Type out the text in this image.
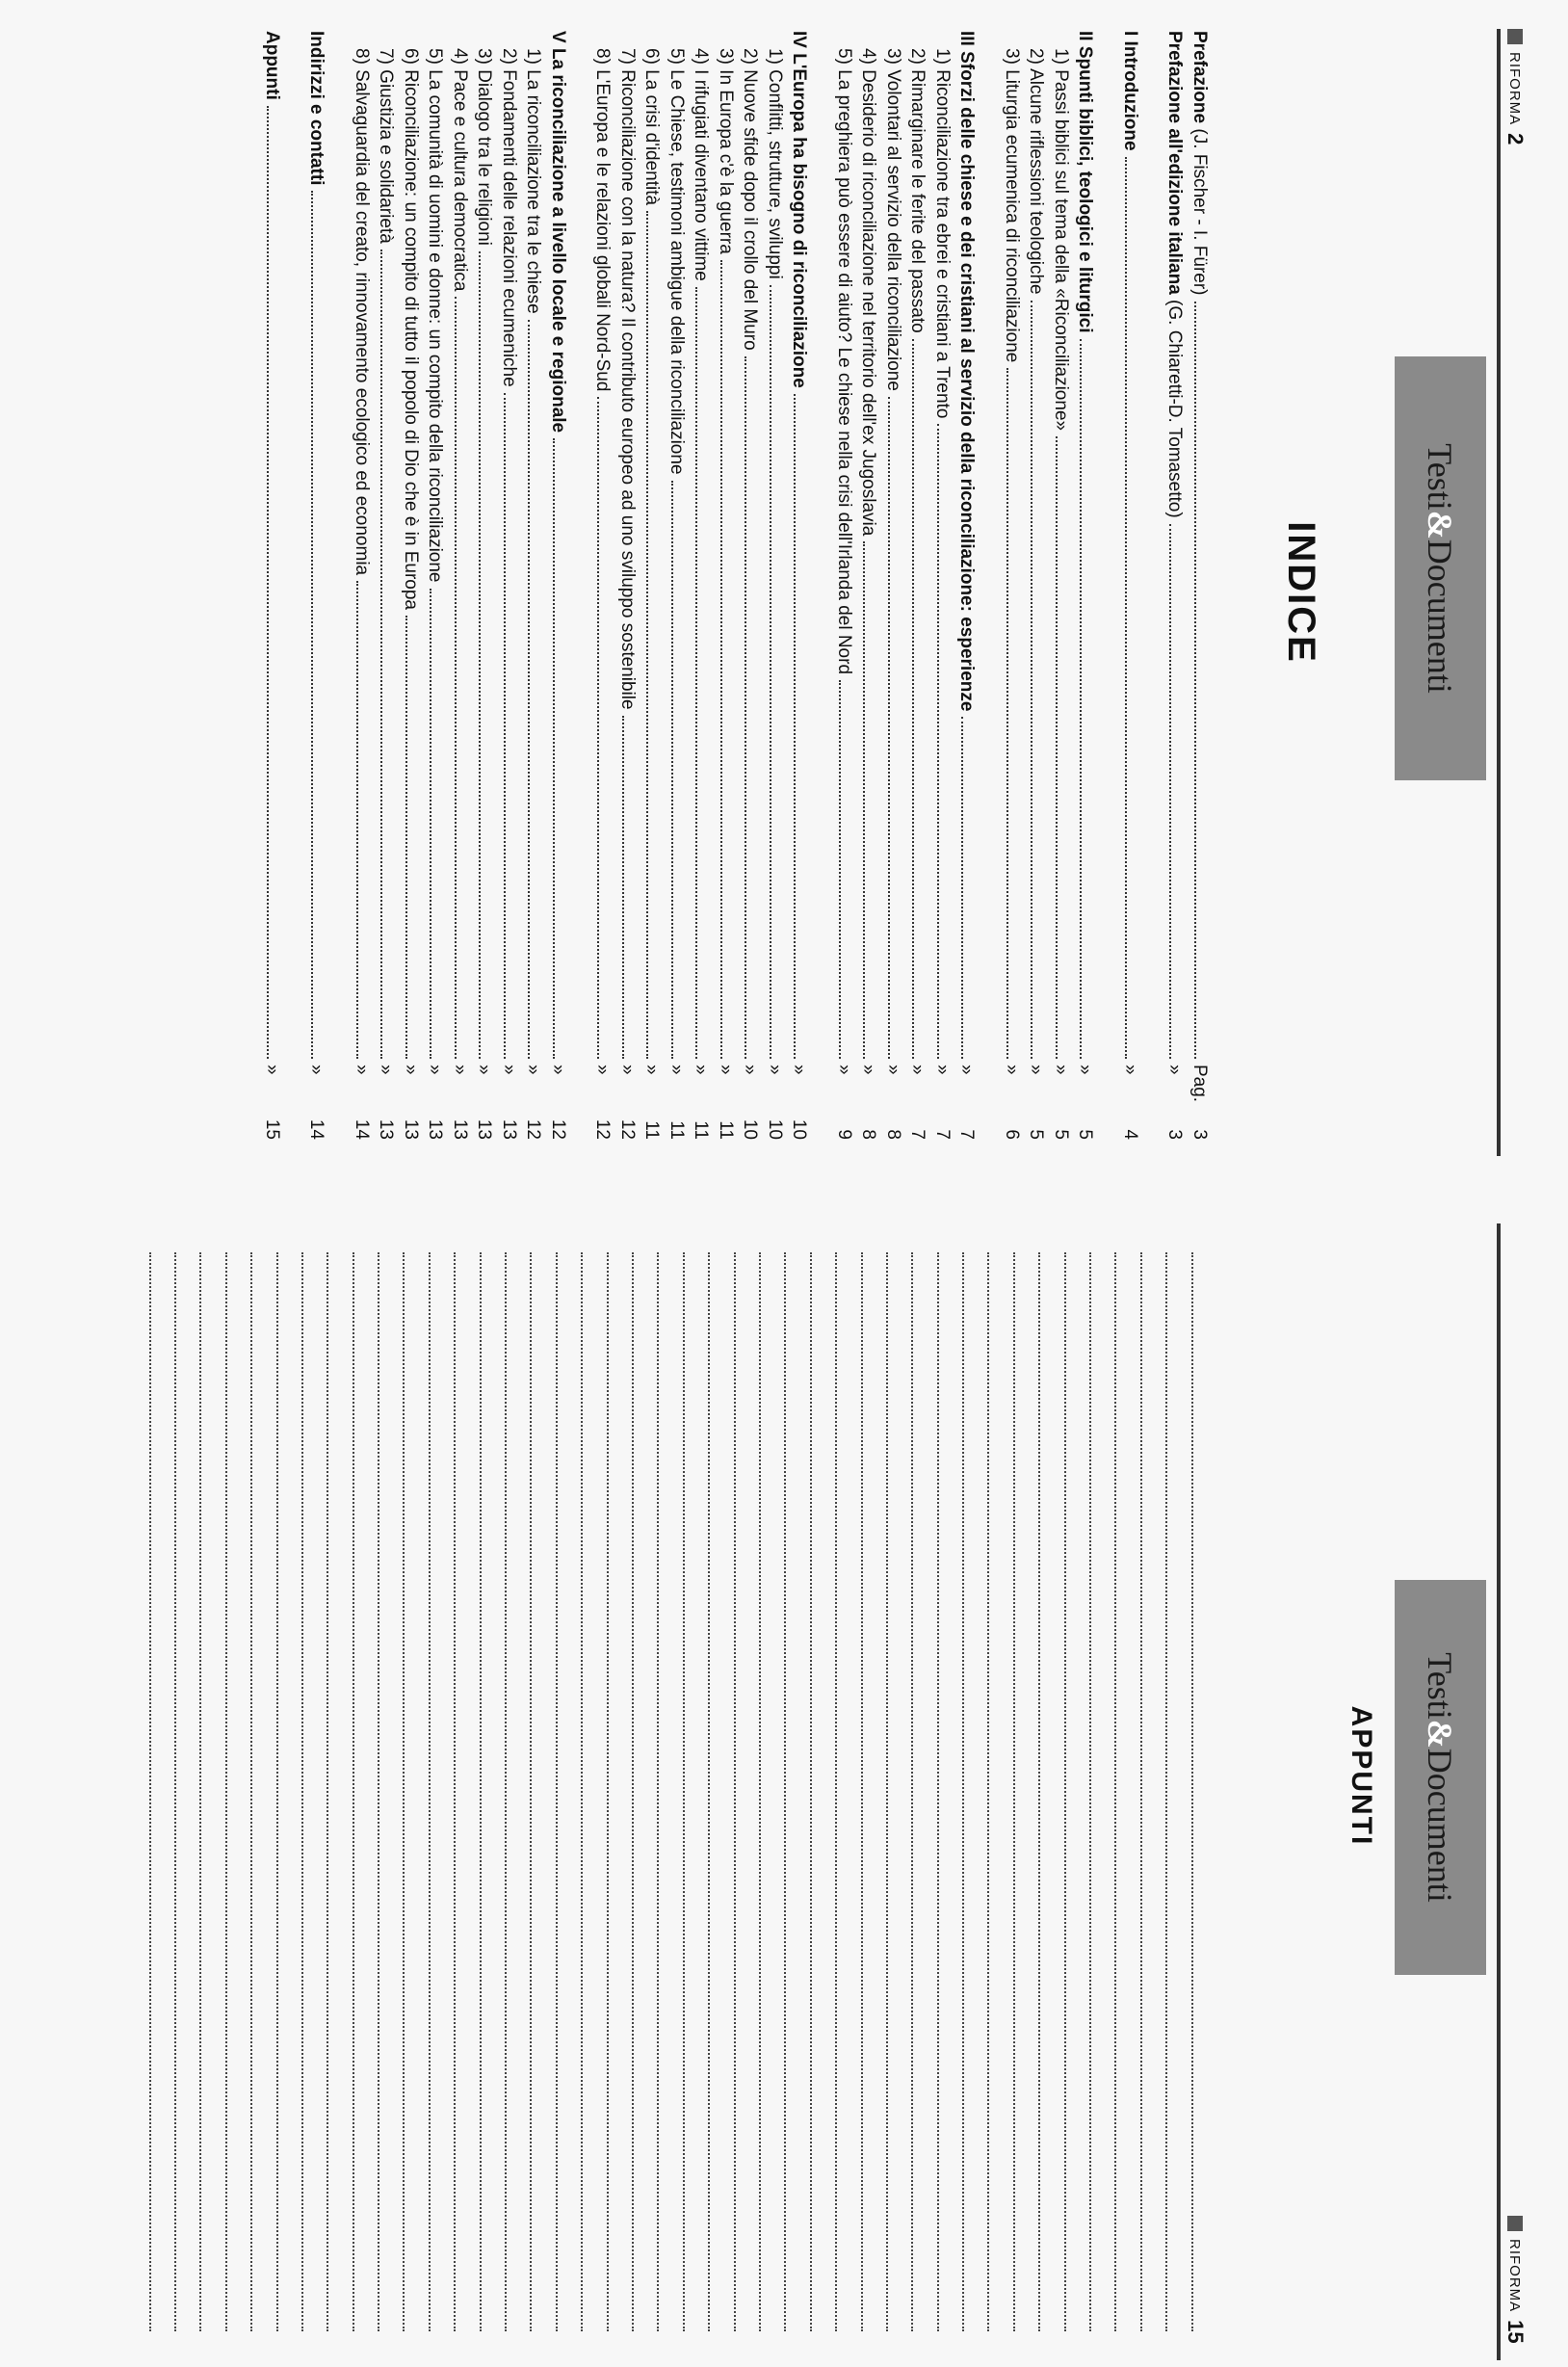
RIFORMA
2
Testi
&
Documenti
INDICE
Prefazione (J. Fischer - I. Fürer)
Pag.
3
Prefazione all'edizione italiana (G. Chiaretti-D. Tomasetto)
»
3
I Introduzione
»
4
II Spunti biblici, teologici e liturgici
»
5
1) Passi biblici sul tema della «Riconciliazione»
»
5
2) Alcune riflessioni teologiche
»
5
3) Liturgia ecumenica di riconciliazione
»
6
III Sforzi delle chiese e dei cristiani al servizio della riconciliazione: esperienze
»
7
1) Riconciliazione tra ebrei e cristiani a Trento
»
7
2) Rimarginare le ferite del passato
»
7
3) Volontari al servizio della riconciliazione
»
8
4) Desiderio di riconciliazione nel territorio dell'ex Jugoslavia
»
8
5) La preghiera può essere di aiuto? Le chiese nella crisi dell'Irlanda del Nord
»
9
IV L'Europa ha bisogno di riconciliazione
»
10
1) Conflitti, strutture, sviluppi
»
10
2) Nuove sfide dopo il crollo del Muro
»
10
3) In Europa c'è la guerra
»
11
4) I rifugiati diventano vittime
»
11
5) Le Chiese, testimoni ambigue della riconciliazione
»
11
6) La crisi d'identità
»
11
7) Riconciliazione con la natura? Il contributo europeo ad uno sviluppo sostenibile
»
12
8) L'Europa e le relazioni globali Nord-Sud
»
12
V La riconciliazione a livello locale e regionale
»
12
1) La riconciliazione tra le chiese
»
12
2) Fondamenti delle relazioni ecumeniche
»
13
3) Dialogo tra le religioni
»
13
4) Pace e cultura democratica
»
13
5) La comunità di uomini e donne: un compito della riconciliazione
»
13
6) Riconciliazione: un compito di tutto il popolo di Dio che è in Europa
»
13
7) Giustizia e solidarietà
»
13
8) Salvaguardia del creato, rinnovamento ecologico ed economia
»
14
Indirizzi e contatti
»
14
Appunti
»
15
RIFORMA
15
Testi
&
Documenti
APPUNTI
